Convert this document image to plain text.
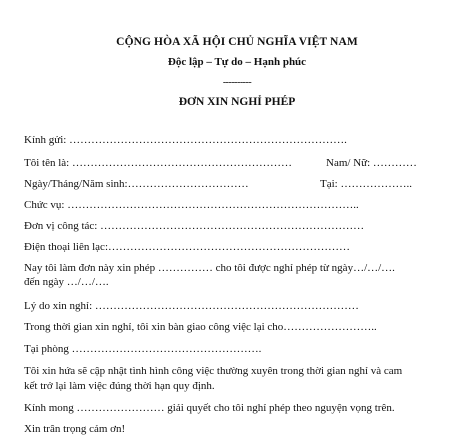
CỘNG HÒA XÃ HỘI CHỦ NGHĨA VIỆT NAM
Độc lập – Tự do – Hạnh phúc
----------
ĐƠN XIN NGHỈ PHÉP
Kính gửi: ………………………………………………………………….
Tôi tên là: ……………………………………………………	Nam/ Nữ: …………
Ngày/Tháng/Năm sinh:……………………………	Tại: ………………..
Chức vụ: ……………………………………………………………………..
Đơn vị công tác: ………………………………………………………………
Điện thoại liên lạc:…………………………………………………………
Nay tôi làm đơn này xin phép …………… cho tôi được nghỉ phép từ ngày…/…/….
đến ngày …/…/….
Lý do xin nghỉ: ………………………………………………………………
Trong thời gian xin nghỉ, tôi xin bàn giao công việc lại cho……………………..
Tại phòng …………………………………………….
Tôi xin hứa sẽ cập nhật tình hình công việc thường xuyên trong thời gian nghỉ và cam
kết trở lại làm việc đúng thời hạn quy định.
Kính mong …………………… giải quyết cho tôi nghỉ phép theo nguyện vọng trên.
Xin trân trọng cảm ơn!
